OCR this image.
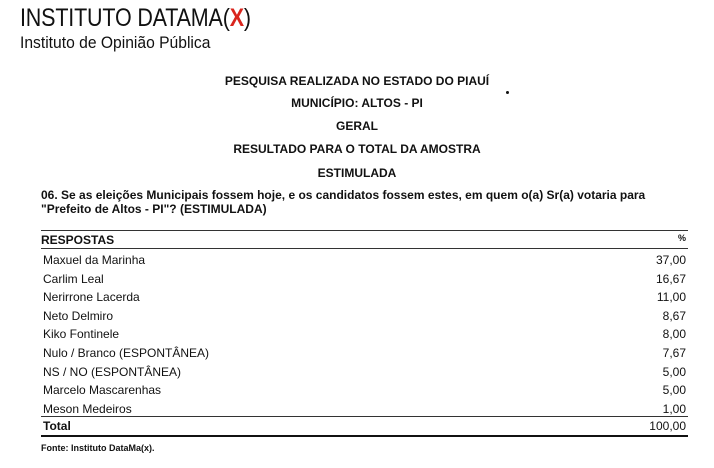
INSTITUTO DATAMA(X)
Instituto de Opinião Pública
PESQUISA REALIZADA NO ESTADO DO PIAUÍ
MUNICÍPIO: ALTOS - PI
GERAL
RESULTADO PARA O TOTAL DA AMOSTRA
ESTIMULADA
06. Se as eleições Municipais fossem hoje, e os candidatos fossem estes, em quem o(a) Sr(a) votaria para "Prefeito de Altos - PI"? (ESTIMULADA)
RESPOSTAS	%
Maxuel da Marinha	37,00
Carlim Leal	16,67
Nerirrone Lacerda	11,00
Neto Delmiro	8,67
Kiko Fontinele	8,00
Nulo / Branco (ESPONTÂNEA)	7,67
NS / NO (ESPONTÂNEA)	5,00
Marcelo Mascarenhas	5,00
Meson Medeiros	1,00
Total	100,00
Fonte: Instituto DataMa(x).
